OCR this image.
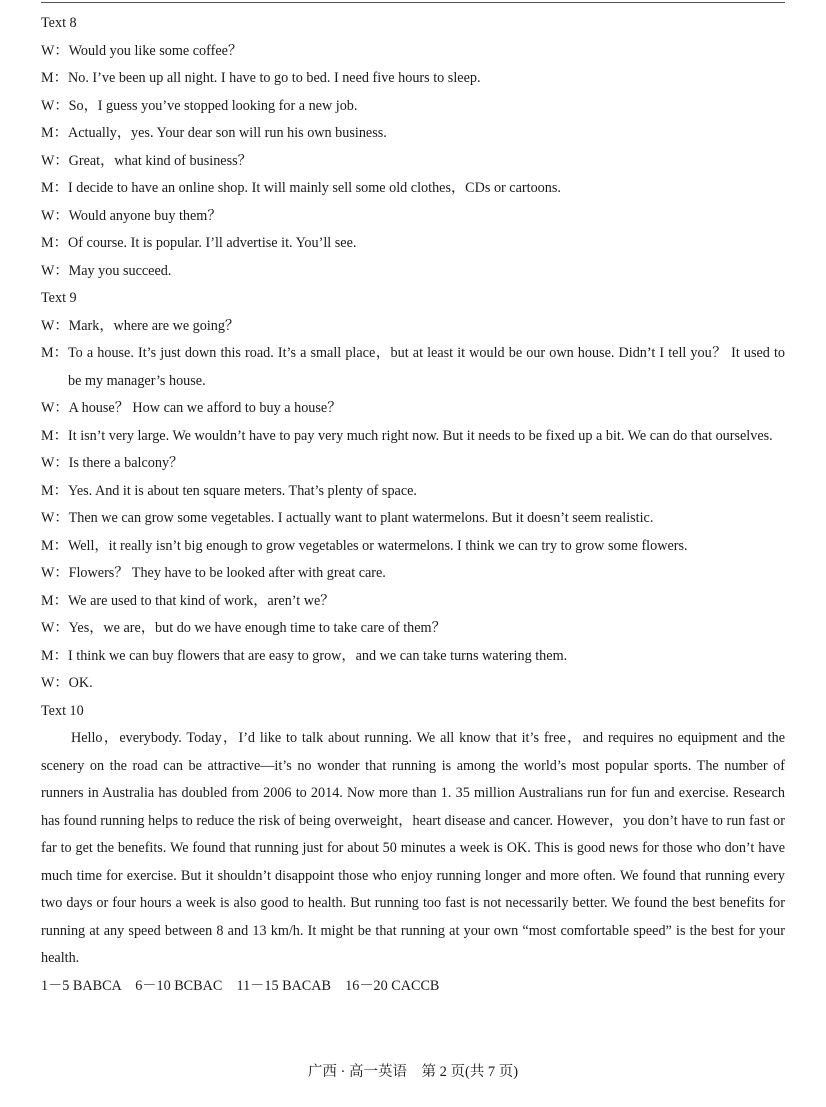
Text 8
W： Would you like some coffee？
M： No. I’ve been up all night. I have to go to bed. I need five hours to sleep.
W： So，I guess you’ve stopped looking for a new job.
M： Actually，yes. Your dear son will run his own business.
W： Great，what kind of business？
M： I decide to have an online shop. It will mainly sell some old clothes，CDs or cartoons.
W： Would anyone buy them？
M： Of course. It is popular. I’ll advertise it. You’ll see.
W： May you succeed.
Text 9
W： Mark，where are we going？
M： To a house. It’s just down this road. It’s a small place，but at least it would be our own house. Didn’t I tell you？ It used to be my manager’s house.
W： A house？ How can we afford to buy a house？
M： It isn’t very large. We wouldn’t have to pay very much right now. But it needs to be fixed up a bit. We can do that ourselves.
W： Is there a balcony？
M： Yes. And it is about ten square meters. That’s plenty of space.
W： Then we can grow some vegetables. I actually want to plant watermelons. But it doesn’t seem realistic.
M： Well，it really isn’t big enough to grow vegetables or watermelons. I think we can try to grow some flowers.
W： Flowers？ They have to be looked after with great care.
M： We are used to that kind of work，aren’t we？
W： Yes，we are，but do we have enough time to take care of them？
M： I think we can buy flowers that are easy to grow，and we can take turns watering them.
W： OK.
Text 10

Hello，everybody. Today，I’d like to talk about running. We all know that it’s free，and requires no equipment and the scenery on the road can be attractive—it’s no wonder that running is among the world’s most popular sports. The number of runners in Australia has doubled from 2006 to 2014. Now more than 1. 35 million Australians run for fun and exercise. Research has found running helps to reduce the risk of being overweight，heart disease and cancer. However，you don’t have to run fast or far to get the benefits. We found that running just for about 50 minutes a week is OK. This is good news for those who don’t have much time for exercise. But it shouldn’t disappoint those who enjoy running longer and more often. We found that running every two days or four hours a week is also good to health. But running too fast is not necessarily better. We found the best benefits for running at any speed between 8 and 13 km/h. It might be that running at your own “most comfortable speed” is the best for your health.

1－5 BABCA　6－10 BCBAC　11－15 BACAB　16－20 CACCB
广西 · 高一英语　第 2 页(共 7 页)
